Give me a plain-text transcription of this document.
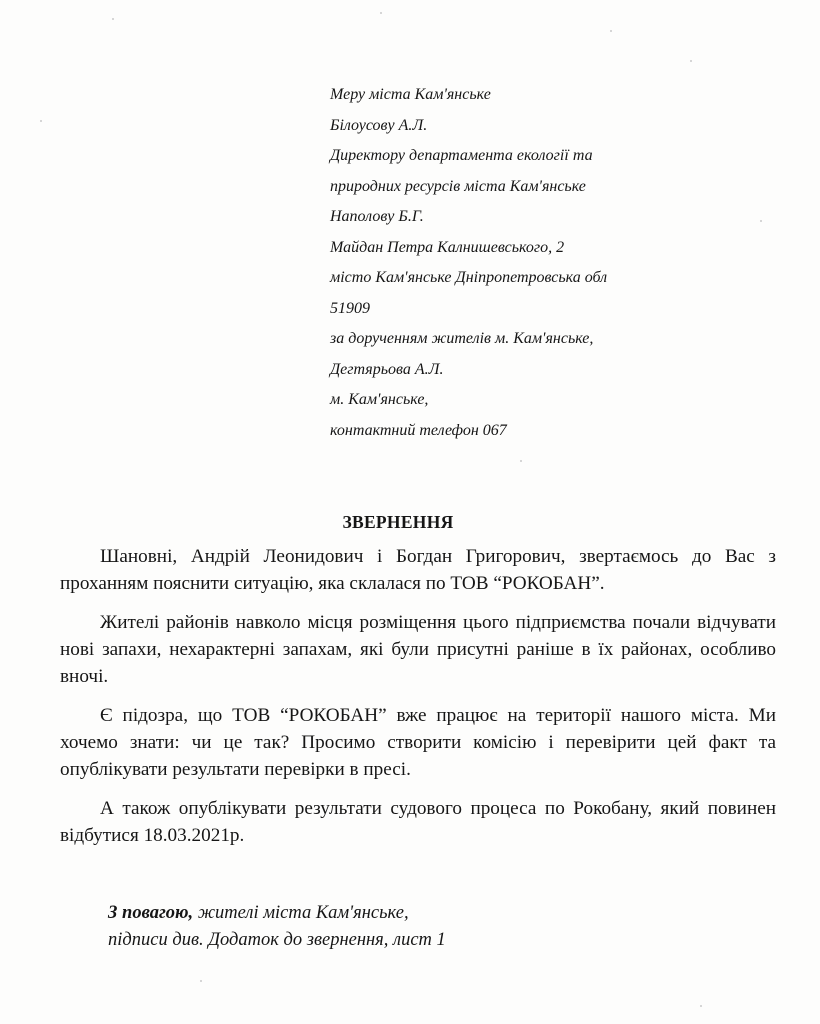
Меру міста Кам'янське
Білоусову А.Л.
Директору департамента екології та
природних ресурсів міста Кам'янське
Наполову Б.Г.
Майдан Петра Калнишевського, 2
місто Кам'янське Дніпропетровська обл
51909
за дорученням жителів м. Кам'янське,
Дегтярьова А.Л.
м. Кам'янське,
контактний телефон 067
ЗВЕРНЕННЯ

Шановні, Андрій Леонидович і Богдан Григорович, звертаємось до Вас з проханням пояснити ситуацію, яка склалася по ТОВ “РОКОБАН”.

Жителі районів навколо місця розміщення цього підприємства почали відчувати нові запахи, нехарактерні запахам, які були присутні раніше в їх районах, особливо вночі.

Є підозра, що ТОВ “РОКОБАН” вже працює на території нашого міста. Ми хочемо знати: чи це так? Просимо створити комісію і перевірити цей факт та опублікувати результати перевірки в пресі.

А також опублікувати результати судового процеса по Рокобану, який повинен відбутися 18.03.2021р.

З повагою, жителі міста Кам'янське,
підписи див. Додаток до звернення, лист 1
